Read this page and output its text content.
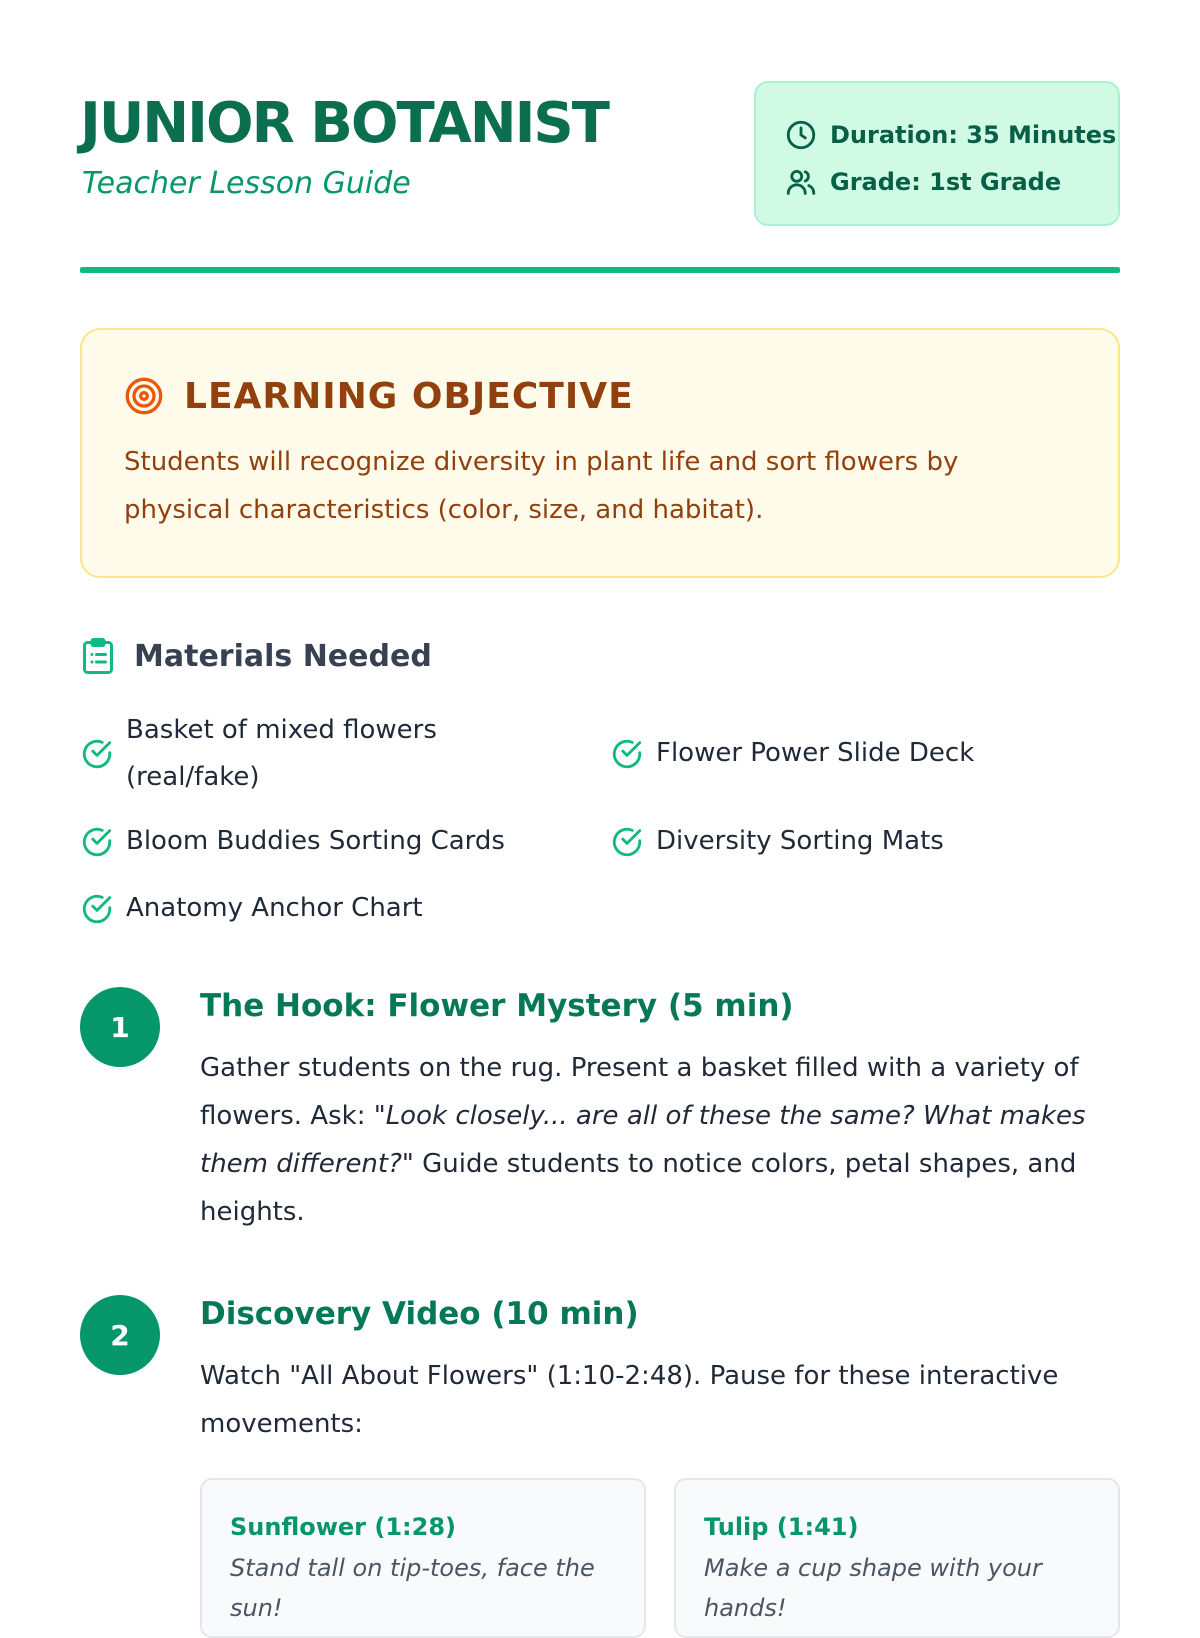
JUNIOR BOTANIST
Teacher Lesson Guide
Duration: 35 Minutes
Grade: 1st Grade
LEARNING OBJECTIVE
Students will recognize diversity in plant life and sort flowers by physical characteristics (color, size, and habitat).
Materials Needed
Basket of mixed flowers (real/fake)
Flower Power Slide Deck
Bloom Buddies Sorting Cards	Diversity Sorting Mats
Anatomy Anchor Chart
1
The Hook: Flower Mystery (5 min)
Gather students on the rug. Present a basket filled with a variety of flowers. Ask: "Look closely... are all of these the same? What makes them different?" Guide students to notice colors, petal shapes, and heights.
2
Discovery Video (10 min)
Watch "All About Flowers" (1:10-2:48). Pause for these interactive movements:
Sunflower (1:28)
Stand tall on tip-toes, face the sun!
Tulip (1:41)
Make a cup shape with your hands!
